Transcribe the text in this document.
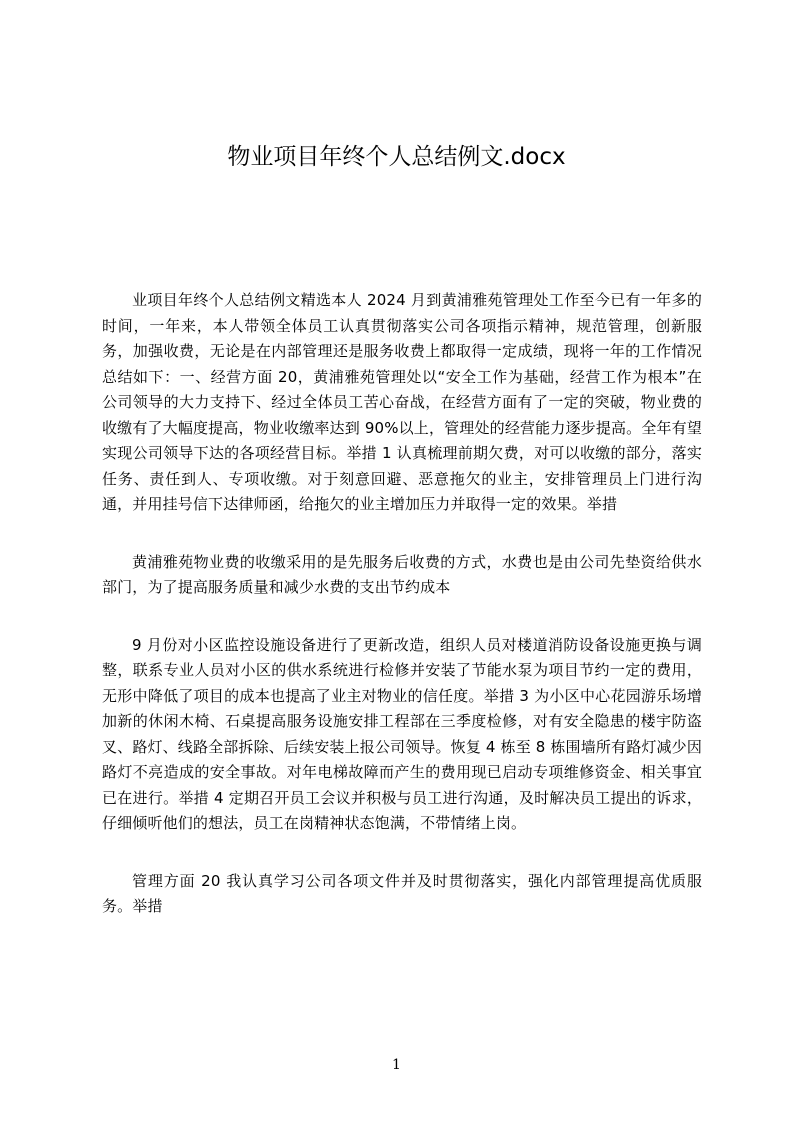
物业项目年终个人总结例文.docx

业项目年终个人总结例文精选本人 2024 月到黄浦雅苑管理处工作至今已有一年多的时间，一年来，本人带领全体员工认真贯彻落实公司各项指示精神，规范管理，创新服务，加强收费，无论是在内部管理还是服务收费上都取得一定成绩，现将一年的工作情况总结如下：一、经营方面 20，黄浦雅苑管理处以“安全工作为基础，经营工作为根本”在公司领导的大力支持下、经过全体员工苦心奋战，在经营方面有了一定的突破，物业费的收缴有了大幅度提高，物业收缴率达到 90%以上，管理处的经营能力逐步提高。全年有望实现公司领导下达的各项经营目标。举措 1 认真梳理前期欠费，对可以收缴的部分，落实任务、责任到人、专项收缴。对于刻意回避、恶意拖欠的业主，安排管理员上门进行沟通，并用挂号信下达律师函，给拖欠的业主增加压力并取得一定的效果。举措

黄浦雅苑物业费的收缴采用的是先服务后收费的方式，水费也是由公司先垫资给供水部门，为了提高服务质量和减少水费的支出节约成本

9 月份对小区监控设施设备进行了更新改造，组织人员对楼道消防设备设施更换与调整，联系专业人员对小区的供水系统进行检修并安装了节能水泵为项目节约一定的费用，无形中降低了项目的成本也提高了业主对物业的信任度。举措 3 为小区中心花园游乐场增加新的休闲木椅、石桌提高服务设施安排工程部在三季度检修，对有安全隐患的楼宇防盗叉、路灯、线路全部拆除、后续安装上报公司领导。恢复 4 栋至 8 栋围墙所有路灯减少因路灯不亮造成的安全事故。对年电梯故障而产生的费用现已启动专项维修资金、相关事宜已在进行。举措 4 定期召开员工会议并积极与员工进行沟通，及时解决员工提出的诉求，仔细倾听他们的想法，员工在岗精神状态饱满，不带情绪上岗。

管理方面 20 我认真学习公司各项文件并及时贯彻落实，强化内部管理提高优质服务。举措

1
